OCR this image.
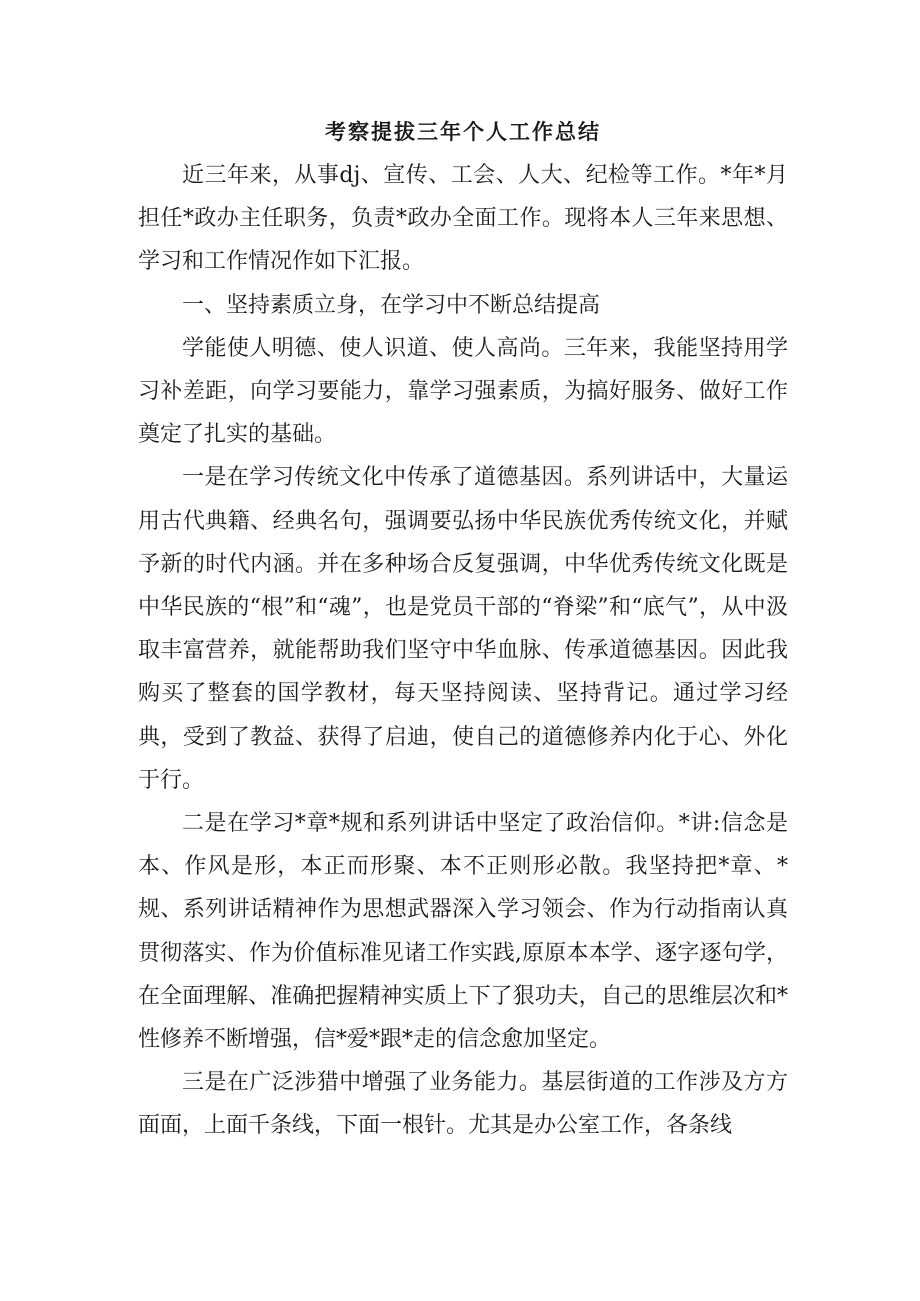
考察提拔三年个人工作总结

近三年来，从事dj、宣传、工会、人大、纪检等工作。*年*月担任*政办主任职务，负责*政办全面工作。现将本人三年来思想、学习和工作情况作如下汇报。

一、坚持素质立身，在学习中不断总结提高

学能使人明德、使人识道、使人高尚。三年来，我能坚持用学习补差距，向学习要能力，靠学习强素质，为搞好服务、做好工作奠定了扎实的基础。

一是在学习传统文化中传承了道德基因。系列讲话中，大量运用古代典籍、经典名句，强调要弘扬中华民族优秀传统文化，并赋予新的时代内涵。并在多种场合反复强调，中华优秀传统文化既是中华民族的“根”和“魂”，也是党员干部的“脊梁”和“底气”，从中汲取丰富营养，就能帮助我们坚守中华血脉、传承道德基因。因此我购买了整套的国学教材，每天坚持阅读、坚持背记。通过学习经典，受到了教益、获得了启迪，使自己的道德修养内化于心、外化于行。

二是在学习*章*规和系列讲话中坚定了政治信仰。*讲:信念是本、作风是形，本正而形聚、本不正则形必散。我坚持把*章、*规、系列讲话精神作为思想武器深入学习领会、作为行动指南认真贯彻落实、作为价值标准见诸工作实践,原原本本学、逐字逐句学，在全面理解、准确把握精神实质上下了狠功夫，自己的思维层次和*性修养不断增强，信*爱*跟*走的信念愈加坚定。

三是在广泛涉猎中增强了业务能力。基层街道的工作涉及方方面面，上面千条线，下面一根针。尤其是办公室工作，各条线
